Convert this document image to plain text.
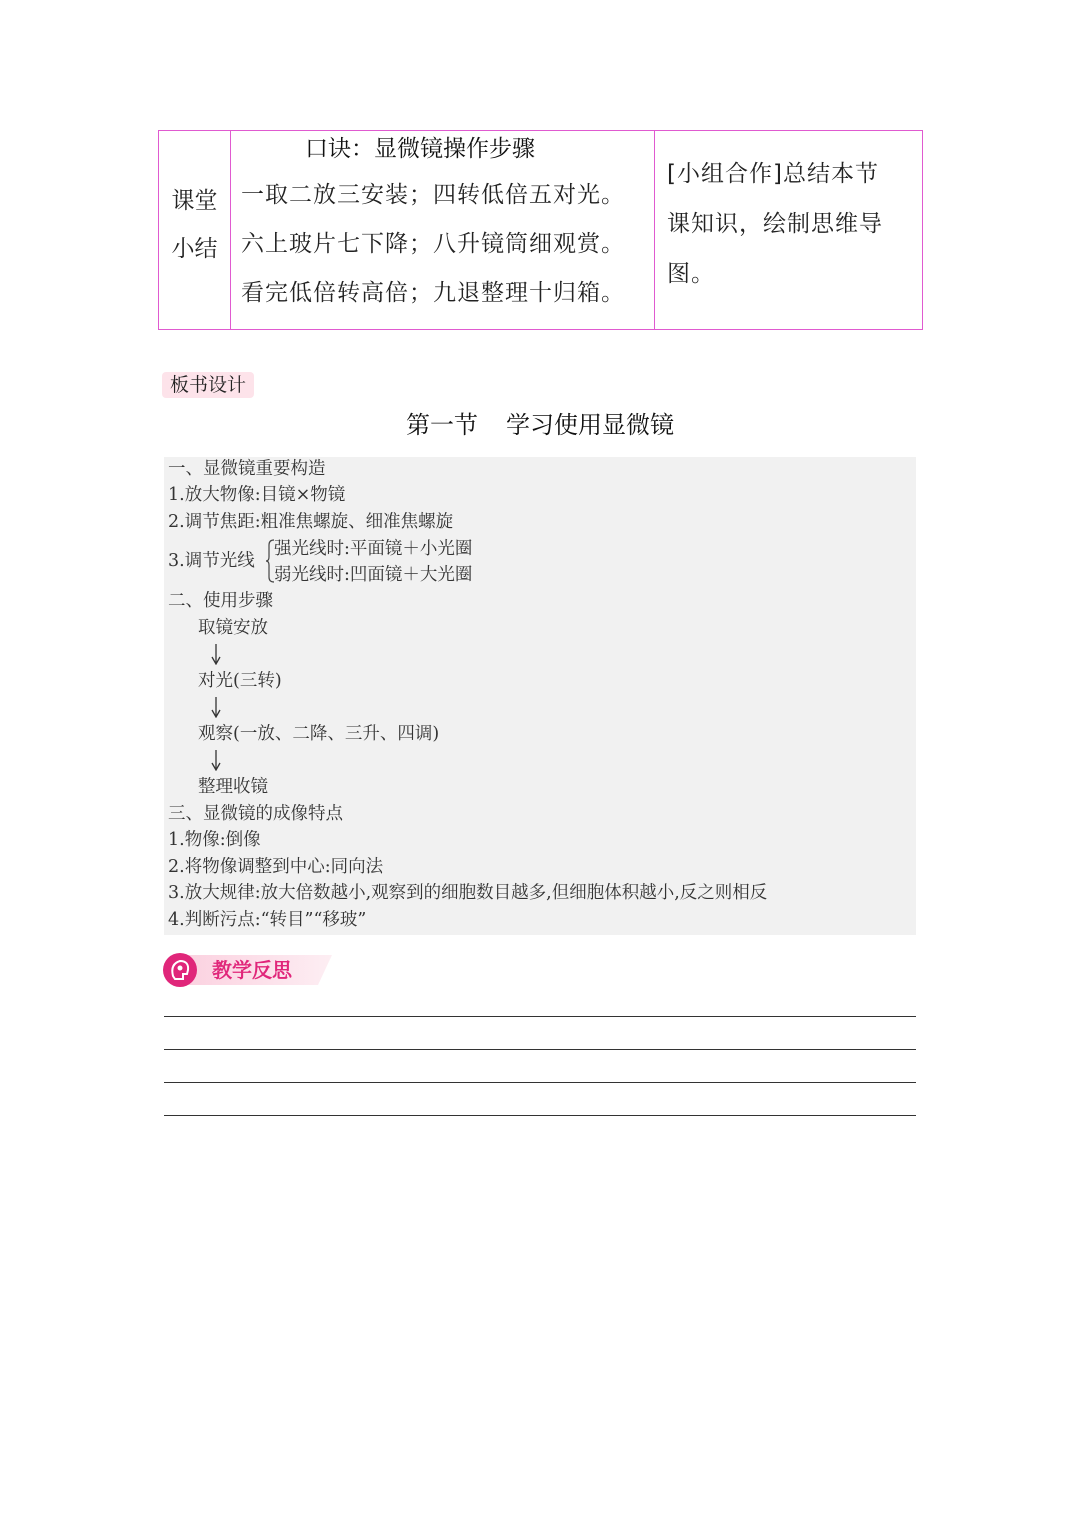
课堂
小结
口诀：显微镜操作步骤
一取二放三安装；四转低倍五对光。
六上玻片七下降；八升镜筒细观赏。
看完低倍转高倍；九退整理十归箱。
[小组合作]总结本节
课知识，绘制思维导
图。
板书设计
第一节 学习使用显微镜
一、显微镜重要构造
1.放大物像:目镜×物镜
2.调节焦距:粗准焦螺旋、细准焦螺旋
3.调节光线
强光线时:平面镜＋小光圈
弱光线时:凹面镜＋大光圈
二、使用步骤
取镜安放
对光(三转)
观察(一放、二降、三升、四调)
整理收镜
三、显微镜的成像特点
1.物像:倒像
2.将物像调整到中心:同向法
3.放大规律:放大倍数越小,观察到的细胞数目越多,但细胞体积越小,反之则相反
4.判断污点:“转目”“移玻”
教学反思
